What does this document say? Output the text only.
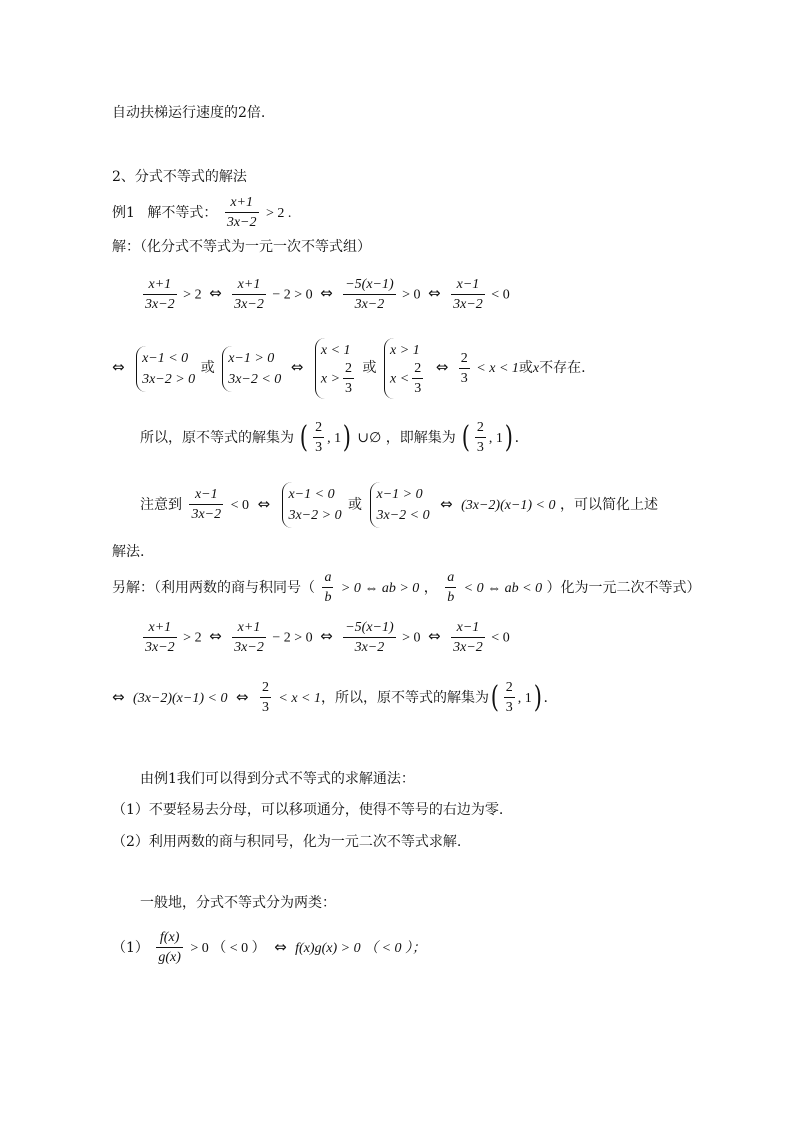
自动扶梯运行速度的2倍.
2、分式不等式的解法
例1 解不等式： $\frac{x+1}{3x-2} > 2$ .
解：（化分式不等式为一元一次不等式组）
$\frac{x+1}{3x-2} > 2$ ⇔ $\frac{x+1}{3x-2} - 2 > 0$ ⇔ $\frac{-5(x-1)}{3x-2} > 0$ ⇔ $\frac{x-1}{3x-2} < 0$
⇔ x−1 < 0
3x−2 > 0
或
x−1 > 0
3x−2 < 0
⇔
x < 1
$x > \frac{2}{3}$ 或
x > 1
$x < \frac{2}{3}$ ⇔ $\frac{2}{3} < x < 1$或x不存在.
所以，原不等式的解集为 ( $\frac{2}{3}$ , 1) ∪∅ ，即解集为 ( $\frac{2}{3}$ , 1) .
注意到 $\frac{x-1}{3x-2} < 0$ ⇔
x−1 < 0
3x−2 > 0
或
x−1 > 0
3x−2 < 0
⇔ (3x−2)(x−1) < 0 ，可以简化上述
解法.
另解：（利用两数的商与积同号（ $\frac{a}{b} > 0$ ⇔ ab > 0 ， $\frac{a}{b} < 0$ ⇔ ab < 0 ）化为一元二次不等式）
$\frac{x+1}{3x-2} > 2$ ⇔ $\frac{x+1}{3x-2} - 2 > 0$ ⇔ $\frac{-5(x-1)}{3x-2} > 0$ ⇔ $\frac{x-1}{3x-2} < 0$
⇔ (3x−2)(x−1) < 0 ⇔ $\frac{2}{3} < x < 1$，所以，原不等式的解集为( $\frac{2}{3}$ , 1) .
由例1我们可以得到分式不等式的求解通法：
（1）不要轻易去分母，可以移项通分，使得不等号的右边为零.
（2）利用两数的商与积同号，化为一元二次不等式求解.
一般地，分式不等式分为两类：
$(1) \frac{f(x)}{g(x)} > 0$ （ < 0 ） ⇔ f(x)g(x) > 0 （ < 0 ）；
